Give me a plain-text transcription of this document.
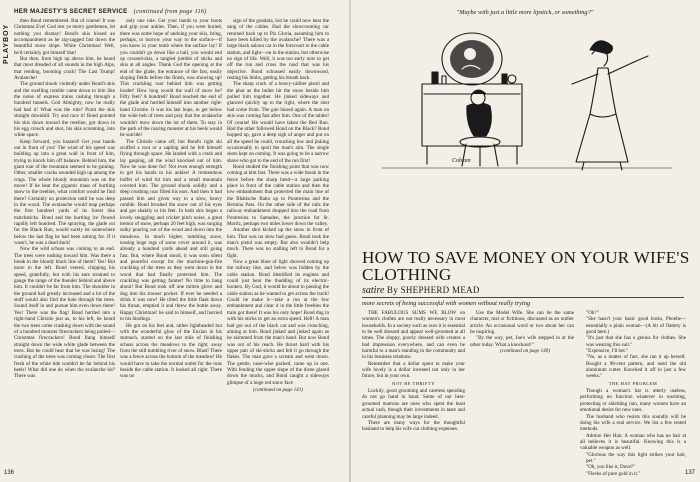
PLAYBOY
HER MAJESTY'S SECRET SERVICE (continued from page 116)

then Bond remembered. But of course! It was Christmas Eve! God rest ye merry gentlemen, let nothing you dismay! Bond's skis hissed an accompaniment as he zig-zagged fast down the beautiful snow slope. White Christmas! Well, he'd certainly got himself that!

But then, from high up above him, he heard that most dreaded of all sounds in the high Alps, that rending, booming crack! The Last Trump! Avalanche!

The ground shook violently under Bond's skis and the swelling rumble came down to him like the noise of express trains rushing through a hundred tunnels. God Almighty, now he really had had it! What was the rule? Point the skis straight downhill. Try and race it! Bond pointed his skis down toward the treeline, got down in his egg crouch and shot, his skis screaming, into white space.

Keep forward, you bastard! Get your hands out in front of you! The wind of his speed was building up into a great wall in front of him, trying to knock him off balance. Behind him, the giant roar of the mountain seemed to be gaining. Other, smaller cracks sounded high up among the crags. The whole bloody mountain was on the move! If he beat the gigantic mass of hurtling snow to the treeline, what comfort would he find there? Certainly no protection until he was deep in the wood. The avalanche would reap perhaps the first hundred yards of its forest like matchsticks. Bond and the hurtling ice flowed rapidly left hundred. The spraying, the glade cut for the Black Run, would surely be somewhere below the last flag he had been aiming for. If it wasn't, he was a dead duck!

Now the wild schuss was coming to an end. The trees were rushing toward him. Was there a break in the bloody black line of them? Yes! But more to the left. Bond veered, chipping his speed, gratefully, but with his ears strained to gauge the range of the thunder behind and above him. It couldn't be far from him. The shoulder in the ground had greatly increased and a lot of the stuff would also find the hole through the trees. Sound itself in and pursue him even down there! Yes! There was the flag! Bond hurtled into a right-hand Christie just as, to his left, he heard the two trees come crashing down with the sound of a hundred monster firecrackers being pulled—Christmas firecrackers! Bond flung himself straight down the wide white glade between the trees. But he could hear that he was losing! The crashing of the trees was coming closer. The first fresh of the white tide couldn't be far behind his heels! What did one do when the avalanche hit? There was

only one rule. Get your hands to your boots and grip your ankles. Then, if you were buried, there was some hope of undoing your skis, bring, perhaps, to burrow your way to the surface—if you knew in your tomb where the surface lay! If you couldn't go down like a ball, you would end up crossed-skis, a tangled jumble of sticks and skis at all angles. Thank God the opening at the end of the glade, the entrance of the fast, easily sloping fields before the finish, was showing up! This crackling roar behind him was getting louder! How long would the wall of snow be? Fifty feet? A hundred? Bond reached the end of the glade and hurtled himself into another right-hand Christie. It was his last hope, to get below the wide belt of trees and pray that the avalanche wouldn't mow down the lot of them. To stay in the path of the roaring monster at his heels would be suicide!

The Christie came off, but Bond's right ski scuffed a root or a sapling and he felt himself flying through space. He landed with a crash and lay gasping, all the wind knocked out of him. Now he was done for! Not even enough strength to get his hands to his ankles! A tremendous buffet of wind hit him and a small mountain covered him. The ground shook solidly and a deep crushing roar filled his ears. And then it had passed him and given way to a slow, heavy rumble. Bond brushed the snow out of his eyes and got shakily to his feet. In both skis began a lovely snuggling and cricket pitch noise, a great tremor of snow, perhaps 20 feet high, was surging sulky pouring out of the wood and down into the meadows. In much higher, tumbling snow, tossing huge rags of snow cover around it, was already a hundred yards ahead and still going fast. But, where Bond stood, it was soon silent and peaceful except for the machine-gun-fire crackling of the trees as they went down in the wood that had finally protected him. The crackling was getting fainter! No time to hang about! But Bond took off one mitten glove and dug into his trouser pocket. If ever he needed a drink it was now! He tilted the little flask down his throat, emptied it and threw the bottle away. Happy Christmas! he said to himself, and hurried to his bindings.

He got on his feet and, rather lightheaded but with the wonderful glow of the Enzian in his stomach, started on the last mile of finishing schuss across the meadows to the right, away from the still tumbling river of snow. Blast! There was a fence across the bottom of the meadow! He would have to take the normal outlet for the runs beside the cable station. It looked all right. There was no

sign of the gondola, but he could now hear the sang of the cables. Had the slowcooming car returned back up to Piz Gloria, assuming him to have been killed by the avalanche? There was a large black saloon car in the forecourt to the cable station, and light—on in the station, but otherwise no sign of life. Well, it was too early now to get off the run and cross the road that was his objective. Bond schussed easily downwood, resting his limbs, getting his breath back.

The sharp crack of a heavy-caliber pistol and the phut as the bullet hit the snow beside him pulled him together. He jinked sideways and glanced quickly up to the right, where the shot had come from. The gun hissed again. A man on skis was coming fast after him. One of the tables! Of course! He would have taken the Red Run. Had the other followed Bond on the Black? Bond hopped up, gave a deep sigh of anger and put on all the speed he could, crouching low and jinking occasionally to spoil the man's aim. The single shots kept on coming. It was going to be a narrow shave who got to the end of the run first!

Bond studied the finishing point that was now coming at him fast. There was a wide break in the fence before the sharp bend—a large parking place in front of the cable station and then the low embankment that protected the main line of the Rhätische Bahn up to Pontresina and the Bernina Pass. On the other side of the rails the railway embankment dropped into the road from Pontresina to Samaden, the junction for St. Moritz, perhaps two miles lower down the valley.

Another shot kicked up the snow in front of him. That was no slow bad guess. Bond took the man's pistol was empty. But also wouldn't help much. There was no stalling left to Bond for a fight.

Now a great blare of light showed coming up the railway line, and below was hidden by the cable station. Bond identified its engines and could just hear the thudding of its electric-hooters. By God, it would be about to passing the cable station as he wanted to get across the track! Could he make it—take a run at the low embankment and clear it in the little freebies the train got there! It was his only hope! Bond dug in with his sticks to get an extra speed. Hell! A man had got out of the black car and was crouching, aiming at him. Bond jinked and jinked again as he skimmed from the man's hand. But now Bond was out of his reach. He thrust hard with his upper pair of ski-sticks and felt it go through the flakes. The man gave a scream and went down. The gentle, nose-wise packed, came up in one. With fending the upper slope of the dicee glared down the mucks, and Bond caught a sideways glimpse of a huge red snow face

(continued on page 141)
136
"Maybe with just a little more lipstick, or something?"
Cobean
HOW TO SAVE MONEY ON YOUR WIFE'S CLOTHING
satire By SHEPHERD MEAD
more secrets of being successful with women without really trying

THE FABULOUS SUMS WE BLOW on women's clothes are not really necessary in most households. In a society such as ours it is essential to be well dressed and appear well-groomed at all times. The sloppy, poorly dressed wife creates a bad impression everywhere, and can even be harmful to a man's standing in the community and in his business relations.

Remember that a dollar spent to make your wife lovely is a dollar invested not only in her future, but in your own.

NOT BE THRIFTY

Luckily, good grooming and careless spending do not go hand in hand. Some of our best-groomed matrons are ones who spent the least actual cash, though their investments in taste and careful planning may be large indeed.

There are many ways for the thoughtful husband to help his wife cut clothing expenses.

Use the Model Wife. She can be the same character, real or fictitious, discussed as an outlier article. An occasional word or two about her can be inspiring.

"By the way, pet, Joe's wife stepped in at the other today. What a knockout!"

(continued on page 140)

"Oh?"

"She hasn't your basic good looks, Phoebe—essentially a plain woman—(A bit of flattery is good here.)

"It's just that she has a genius for clothes. She was wearing this suit."

"Expensive, I'll bet."

"No, as a matter of fact, she ran it up herself. Bought a 98-cent pattern, and used the old aluminum cutter. Knocked it off in just a few weeks."

THE HAT PROBLEM

Though a woman's hat is utterly useless, performing no function whatever in warming, protecting or shielding rain, many women have an emotional desire for new ones.

The husband who resists this soundly will be doing his wife a real service. We list a few tested methods.

Admire Her Hair. A woman who has no hair at all believes it is beautiful. Knowing this is a valuable weapon as well.

"Glorious the way this light strikes your hair, pet."

"Oh, you like it, Dave?"

"Flecks of pure gold in it."	137
